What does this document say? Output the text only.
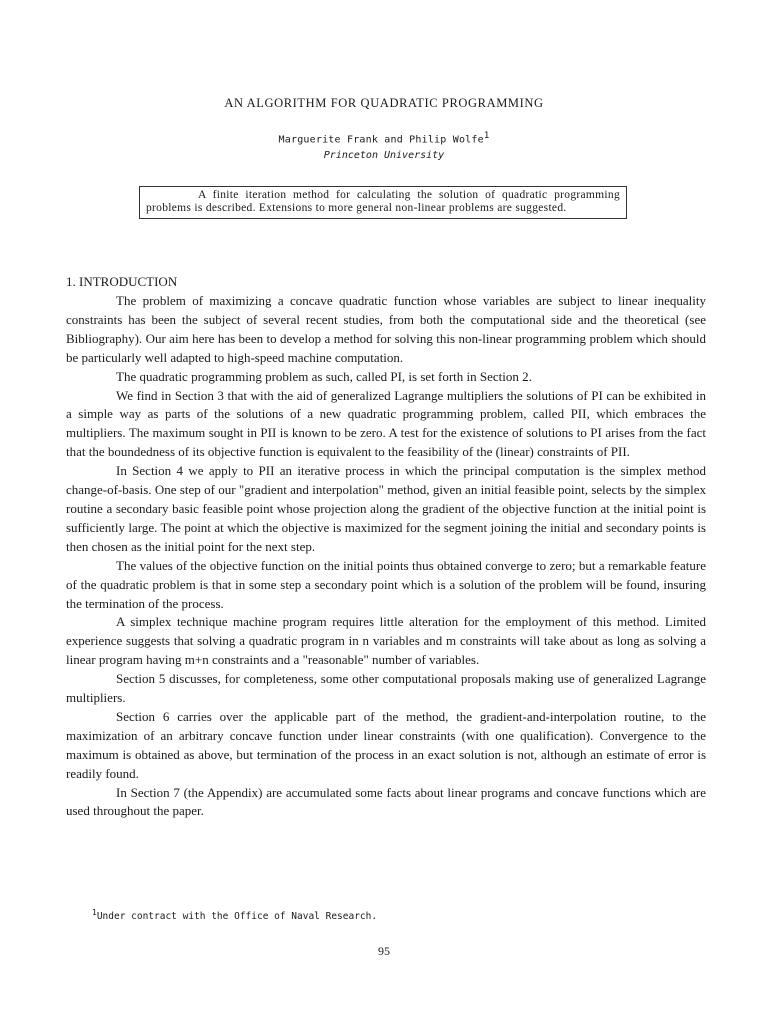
AN ALGORITHM FOR QUADRATIC PROGRAMMING
Marguerite Frank and Philip Wolfe$^1$
Princeton University
A finite iteration method for calculating the solution of quadratic programming problems is described. Extensions to more general non-linear problems are suggested.
1. INTRODUCTION

The problem of maximizing a concave quadratic function whose variables are subject to linear inequality constraints has been the subject of several recent studies, from both the computational side and the theoretical (see Bibliography). Our aim here has been to develop a method for solving this non-linear programming problem which should be particularly well adapted to high-speed machine computation.

The quadratic programming problem as such, called PI, is set forth in Section 2.

We find in Section 3 that with the aid of generalized Lagrange multipliers the solutions of PI can be exhibited in a simple way as parts of the solutions of a new quadratic programming problem, called PII, which embraces the multipliers. The maximum sought in PII is known to be zero. A test for the existence of solutions to PI arises from the fact that the boundedness of its objective function is equivalent to the feasibility of the (linear) constraints of PII.

In Section 4 we apply to PII an iterative process in which the principal computation is the simplex method change-of-basis. One step of our "gradient and interpolation" method, given an initial feasible point, selects by the simplex routine a secondary basic feasible point whose projection along the gradient of the objective function at the initial point is sufficiently large. The point at which the objective is maximized for the segment joining the initial and secondary points is then chosen as the initial point for the next step.

The values of the objective function on the initial points thus obtained converge to zero; but a remarkable feature of the quadratic problem is that in some step a secondary point which is a solution of the problem will be found, insuring the termination of the process.

A simplex technique machine program requires little alteration for the employment of this method. Limited experience suggests that solving a quadratic program in n variables and m constraints will take about as long as solving a linear program having m+n constraints and a "reasonable" number of variables.

Section 5 discusses, for completeness, some other computational proposals making use of generalized Lagrange multipliers.

Section 6 carries over the applicable part of the method, the gradient-and-interpolation routine, to the maximization of an arbitrary concave function under linear constraints (with one qualification). Convergence to the maximum is obtained as above, but termination of the process in an exact solution is not, although an estimate of error is readily found.

In Section 7 (the Appendix) are accumulated some facts about linear programs and concave functions which are used throughout the paper.

$^1$Under contract with the Office of Naval Research.
95
